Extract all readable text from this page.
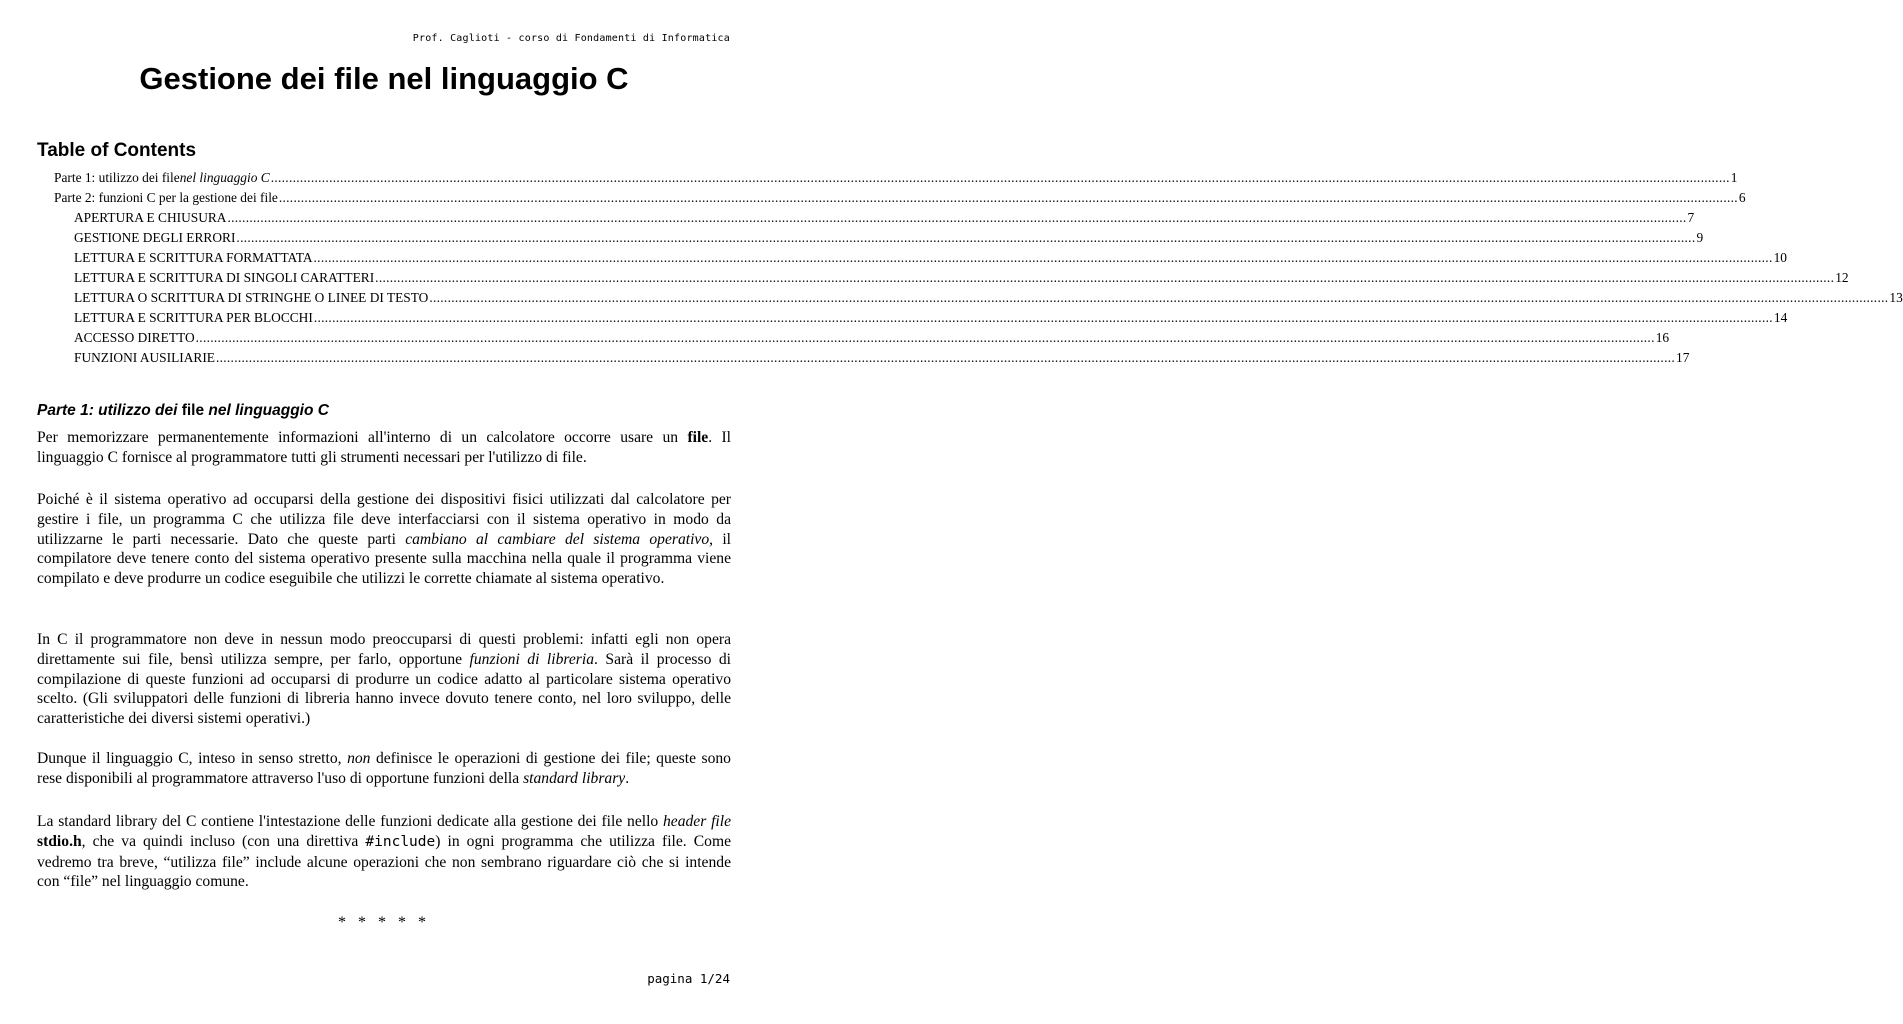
Prof. Caglioti - corso di Fondamenti di Informatica
Gestione dei file nel linguaggio C
Table of Contents
Parte 1: utilizzo dei file nel linguaggio C ................................................................................................................................................................................................................................................................................................................................................................................................................ 1
Parte 2: funzioni C per la gestione dei file ................................................................................................................................................................................................................................................................................................................................................................................................................ 6
APERTURA E CHIUSURA ................................................................................................................................................................................................................................................................................................................................................................................................................ 7
GESTIONE DEGLI ERRORI ................................................................................................................................................................................................................................................................................................................................................................................................................ 9
LETTURA E SCRITTURA FORMATTATA ................................................................................................................................................................................................................................................................................................................................................................................................................ 10
LETTURA E SCRITTURA DI SINGOLI CARATTERI ................................................................................................................................................................................................................................................................................................................................................................................................................ 12
LETTURA O SCRITTURA DI STRINGHE O LINEE DI TESTO ................................................................................................................................................................................................................................................................................................................................................................................................................ 13
LETTURA E SCRITTURA PER BLOCCHI ................................................................................................................................................................................................................................................................................................................................................................................................................ 14
ACCESSO DIRETTO ................................................................................................................................................................................................................................................................................................................................................................................................................ 16
FUNZIONI AUSILIARIE ................................................................................................................................................................................................................................................................................................................................................................................................................ 17
Parte 1: utilizzo dei file nel linguaggio C

Per memorizzare permanentemente informazioni all'interno di un calcolatore occorre usare un file. Il linguaggio C fornisce al programmatore tutti gli strumenti necessari per l'utilizzo di file.

Poiché è il sistema operativo ad occuparsi della gestione dei dispositivi fisici utilizzati dal calcolatore per gestire i file, un programma C che utilizza file deve interfacciarsi con il sistema operativo in modo da utilizzarne le parti necessarie. Dato che queste parti cambiano al cambiare del sistema operativo, il compilatore deve tenere conto del sistema operativo presente sulla macchina nella quale il programma viene compilato e deve produrre un codice eseguibile che utilizzi le corrette chiamate al sistema operativo.

In C il programmatore non deve in nessun modo preoccuparsi di questi problemi: infatti egli non opera direttamente sui file, bensì utilizza sempre, per farlo, opportune funzioni di libreria. Sarà il processo di compilazione di queste funzioni ad occuparsi di produrre un codice adatto al particolare sistema operativo scelto. (Gli sviluppatori delle funzioni di libreria hanno invece dovuto tenere conto, nel loro sviluppo, delle caratteristiche dei diversi sistemi operativi.)

Dunque il linguaggio C, inteso in senso stretto, non definisce le operazioni di gestione dei file; queste sono rese disponibili al programmatore attraverso l'uso di opportune funzioni della standard library.

La standard library del C contiene l'intestazione delle funzioni dedicate alla gestione dei file nello header file stdio.h, che va quindi incluso (con una direttiva #include) in ogni programma che utilizza file. Come vedremo tra breve, “utilizza file” include alcune operazioni che non sembrano riguardare ciò che si intende con “file” nel linguaggio comune.

* * * * *
pagina 1/24
